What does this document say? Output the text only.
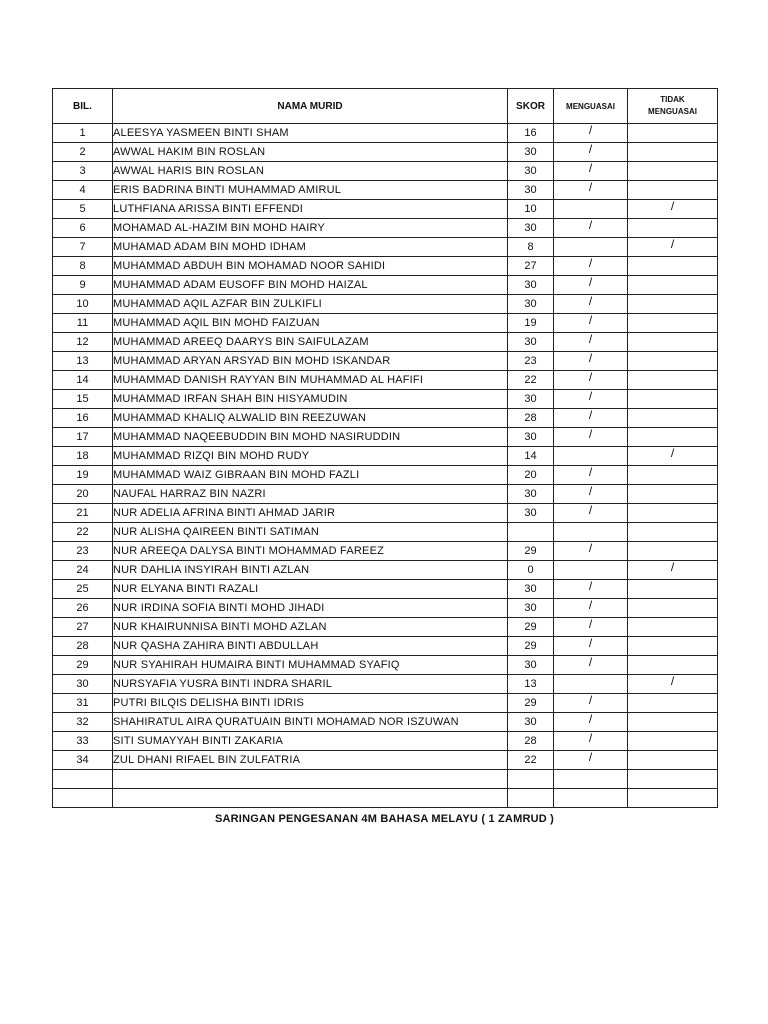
BIL.	NAMA MURID	SKOR	MENGUASAI	TIDAK
MENGUASAI
1	ALEESYA YASMEEN BINTI SHAM	16	/	
2	AWWAL HAKIM BIN ROSLAN	30	/	
3	AWWAL HARIS BIN ROSLAN	30	/	
4	ERIS BADRINA BINTI MUHAMMAD AMIRUL	30	/	
5	LUTHFIANA ARISSA BINTI EFFENDI	10		/
6	MOHAMAD AL-HAZIM BIN MOHD HAIRY	30	/	
7	MUHAMAD ADAM BIN MOHD IDHAM	8		/
8	MUHAMMAD ABDUH BIN MOHAMAD NOOR SAHIDI	27	/	
9	MUHAMMAD ADAM EUSOFF BIN MOHD HAIZAL	30	/	
10	MUHAMMAD AQIL AZFAR BIN ZULKIFLI	30	/	
11	MUHAMMAD AQIL BIN MOHD FAIZUAN	19	/	
12	MUHAMMAD AREEQ DAARYS BIN SAIFULAZAM	30	/	
13	MUHAMMAD ARYAN ARSYAD BIN MOHD ISKANDAR	23	/	
14	MUHAMMAD DANISH RAYYAN BIN MUHAMMAD AL HAFIFI	22	/	
15	MUHAMMAD IRFAN SHAH BIN HISYAMUDIN	30	/	
16	MUHAMMAD KHALIQ ALWALID BIN REEZUWAN	28	/	
17	MUHAMMAD NAQEEBUDDIN BIN MOHD NASIRUDDIN	30	/	
18	MUHAMMAD RIZQI BIN MOHD RUDY	14		/
19	MUHAMMAD WAIZ GIBRAAN BIN MOHD FAZLI	20	/	
20	NAUFAL HARRAZ BIN NAZRI	30	/	
21	NUR ADELIA AFRINA BINTI AHMAD JARIR	30	/	
22	NUR ALISHA QAIREEN BINTI SATIMAN			
23	NUR AREEQA DALYSA BINTI MOHAMMAD FAREEZ	29	/	
24	NUR DAHLIA INSYIRAH BINTI AZLAN	0		/
25	NUR ELYANA BINTI RAZALI	30	/	
26	NUR IRDINA SOFIA BINTI MOHD JIHADI	30	/	
27	NUR KHAIRUNNISA BINTI MOHD AZLAN	29	/	
28	NUR QASHA ZAHIRA BINTI ABDULLAH	29	/	
29	NUR SYAHIRAH HUMAIRA BINTI MUHAMMAD SYAFIQ	30	/	
30	NURSYAFIA YUSRA BINTI INDRA SHARIL	13		/
31	PUTRI BILQIS DELISHA BINTI IDRIS	29	/	
32	SHAHIRATUL AIRA QURATUAIN BINTI MOHAMAD NOR ISZUWAN	30	/	
33	SITI SUMAYYAH BINTI ZAKARIA	28	/	
34	ZUL DHANI RIFAEL BIN ZULFATRIA	22	/	

SARINGAN PENGESANAN 4M BAHASA MELAYU ( 1 ZAMRUD )
